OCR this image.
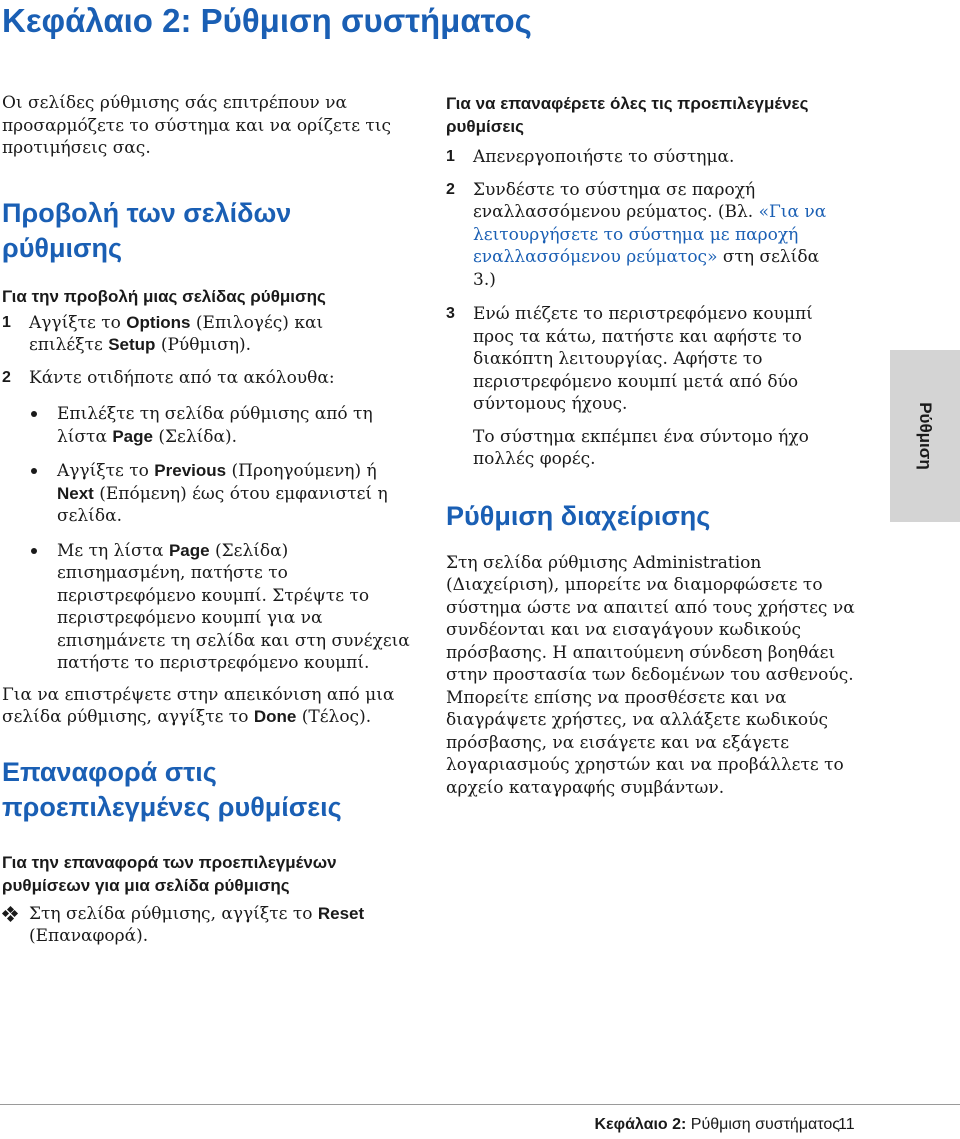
Κεφάλαιο 2: Ρύθμιση συστήματος

Οι σελίδες ρύθμισης σάς επιτρέπουν να προσαρμόζετε το σύστημα και να ορίζετε τις προτιμήσεις σας.

Προβολή των σελίδων
ρύθμισης

Για την προβολή μιας σελίδας ρύθμισης

1 Αγγίξτε το Options (Επιλογές) και επιλέξτε Setup (Ρύθμιση).
2 Κάντε οτιδήποτε από τα ακόλουθα:
Επιλέξτε τη σελίδα ρύθμισης από τη λίστα Page (Σελίδα).
Αγγίξτε το Previous (Προηγούμενη) ή Next (Επόμενη) έως ότου εμφανιστεί η σελίδα.
Με τη λίστα Page (Σελίδα) επισημασμένη, πατήστε το περιστρεφόμενο κουμπί. Στρέψτε το περιστρεφόμενο κουμπί για να επισημάνετε τη σελίδα και στη συνέχεια πατήστε το περιστρεφόμενο κουμπί.

Για να επιστρέψετε στην απεικόνιση από μια σελίδα ρύθμισης, αγγίξτε το Done (Τέλος).

Επαναφορά στις
προεπιλεγμένες ρυθμίσεις

Για την επαναφορά των προεπιλεγμένων
ρυθμίσεων για μια σελίδα ρύθμισης

Στη σελίδα ρύθμισης, αγγίξτε το Reset (Επαναφορά).

Για να επαναφέρετε όλες τις προεπιλεγμένες ρυθμίσεις

1 Απενεργοποιήστε το σύστημα.
2 Συνδέστε το σύστημα σε παροχή εναλλασσόμενου ρεύματος. (Βλ. «Για να λειτουργήσετε το σύστημα με παροχή εναλλασσόμενου ρεύματος» στη σελίδα 3.)
3 Ενώ πιέζετε το περιστρεφόμενο κουμπί προς τα κάτω, πατήστε και αφήστε το διακόπτη λειτουργίας. Αφήστε το περιστρεφόμενο κουμπί μετά από δύο σύντομους ήχους.

Το σύστημα εκπέμπει ένα σύντομο ήχο πολλές φορές.

Ρύθμιση διαχείρισης

Στη σελίδα ρύθμισης Administration (Διαχείριση), μπορείτε να διαμορφώσετε το σύστημα ώστε να απαιτεί από τους χρήστες να συνδέονται και να εισαγάγουν κωδικούς πρόσβασης. Η απαιτούμενη σύνδεση βοηθάει στην προστασία των δεδομένων του ασθενούς. Μπορείτε επίσης να προσθέσετε και να διαγράψετε χρήστες, να αλλάξετε κωδικούς πρόσβασης, να εισάγετε και να εξάγετε λογαριασμούς χρηστών και να προβάλλετε το αρχείο καταγραφής συμβάντων.

Ρύθμιση
Κεφάλαιο 2: Ρύθμιση συστήματος
11
